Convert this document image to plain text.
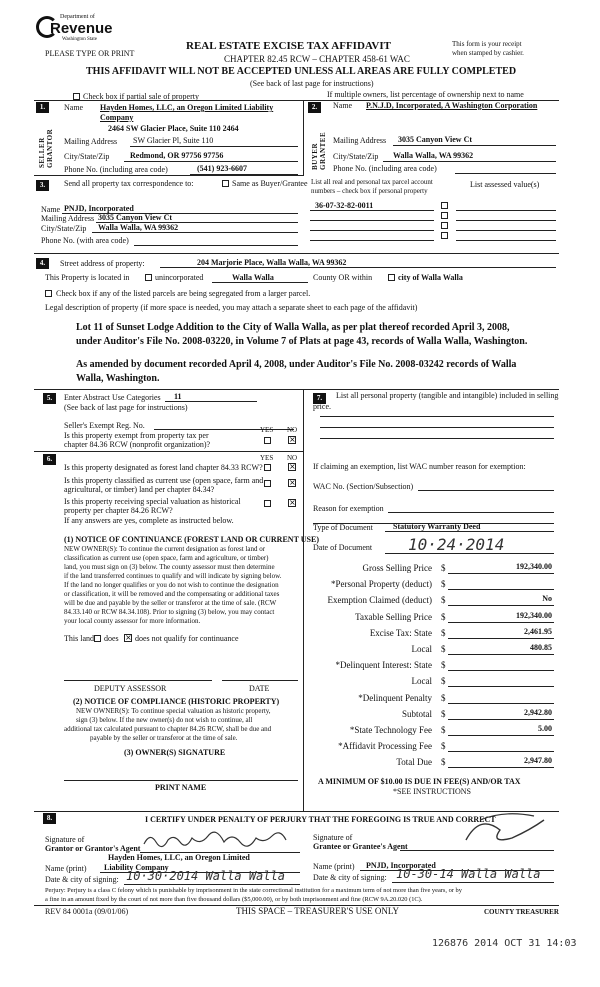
Department of
Revenue
Washington State
PLEASE TYPE OR PRINT
REAL ESTATE EXCISE TAX AFFIDAVIT
CHAPTER 82.45 RCW – CHAPTER 458-61 WAC
This form is your receipt
when stamped by cashier.
THIS AFFIDAVIT WILL NOT BE ACCEPTED UNLESS ALL AREAS ARE FULLY COMPLETED
(See back of last page for instructions)
Check box if partial sale of property	If multiple owners, list percentage of ownership next to name
1.	Name Hayden Homes, LLC, an Oregon Limited Liability
Company
SELLER GRANTOR
2464 SW Glacier Place, Suite 110 2464
Mailing Address SW Glacier Pl, Suite 110
City/State/Zip	Redmond, OR 97756 97756
Phone No. (including area code)	(541) 923-6607
2.	Name P.N.J.D, Incorporated, A Washington Corporation
BUYER GRANTEE Mailing Address 3035 Canyon View Ct
City/State/Zip Walla Walla, WA 99362
Phone No. (including area code)
3.	Send all property tax correspondence to:	Same as Buyer/Grantee
Name PNJD, Incorporated
Mailing Address 3035 Canyon View Ct
City/State/Zip Walla Walla, WA 99362
Phone No. (with area code)
List all real and personal tax parcel account
numbers – check box if personal property
List assessed value(s)
36-07-32-82-0011
4.	Street address of property:	204 Marjorie Place, Walla Walla, WA 99362
This Property is located in	unincorporated	Walla Walla	County OR within	city of Walla Walla
Check box if any of the listed parcels are being segregated from a larger parcel.
Legal description of property (if more space is needed, you may attach a separate sheet to each page of the affidavit)
Lot 11 of Sunset Lodge Addition to the City of Walla Walla, as per plat thereof recorded April 3, 2008,
under Auditor's File No. 2008-03220, in Volume 7 of Plats at page 43, records of Walla Walla, Washington.
As amended by document recorded April 4, 2008, under Auditor's File No. 2008-03242 records of Walla
Walla, Washington.
5.	Enter Abstract Use Categories 11
(See back of last page for instructions)
Seller's Exempt Reg. No.
Is this property exempt from property tax per
chapter 84.36 RCW (nonprofit organization)?
YES NO
×
7.	List all personal property (tangible and intangible) included in selling
price.
6.	YES NO
Is this property designated as forest land chapter 84.33 RCW?	×
Is this property classified as current use (open space, farm and
agricultural, or timber) land per chapter 84.34?
×
Is this property receiving special valuation as historical
property per chapter 84.26 RCW?
×
If any answers are yes, complete as instructed below.
(1) NOTICE OF CONTINUANCE (FOREST LAND OR CURRENT USE)
NEW OWNER(S): To continue the current designation as forest land or
classification as current use (open space, farm and agriculture, or timber)
land, you must sign on (3) below. The county assessor must then determine
if the land transferred continues to qualify and will indicate by signing below.
If the land no longer qualifies or you do not wish to continue the designation
or classification, it will be removed and the compensating or additional taxes
will be due and payable by the seller or transferor at the time of sale. (RCW
84.33.140 or RCW 84.34.108). Prior to signing (3) below, you may contact
your local county assessor for more information.
This land does × does not qualify for continuance
DEPUTY ASSESSOR	DATE
(2) NOTICE OF COMPLIANCE (HISTORIC PROPERTY)
NEW OWNER(S): To continue special valuation as historic property,
sign (3) below. If the new owner(s) do not wish to continue, all
additional tax calculated pursuant to chapter 84.26 RCW, shall be due and
payable by the seller or transferor at the time of sale.
(3) OWNER(S) SIGNATURE
PRINT NAME
If claiming an exemption, list WAC number reason for exemption:
WAC No. (Section/Subsection)
Reason for exemption
Type of Document	Statutory Warranty Deed
Date of Document 10·24·2014
Gross Selling Price $	192,340.00
*Personal Property (deduct) $
Exemption Claimed (deduct) $	No
Taxable Selling Price $	192,340.00
Excise Tax: State $	2,461.95
Local $	480.85
*Delinquent Interest: State $
Local $
*Delinquent Penalty $
Subtotal $	2,942.80
*State Technology Fee $	5.00
*Affidavit Processing Fee $
Total Due $	2,947.80
A MINIMUM OF $10.00 IS DUE IN FEE(S) AND/OR TAX
*SEE INSTRUCTIONS
8.	I CERTIFY UNDER PENALTY OF PERJURY THAT THE FOREGOING IS TRUE AND CORRECT
Signature of
Grantor or Grantor's Agent
Hayden Homes, LLC, an Oregon Limited
Name (print) Liability Company
Date & city of signing: 10·30·2014 Walla Walla
Signature of
Grantee or Grantee's Agent
Name (print) PNJD, Incorporated
Date & city of signing: 10-30-14 Walla Walla
Perjury: Perjury is a class C felony which is punishable by imprisonment in the state correctional institution for a maximum term of not more than five years, or by
a fine in an amount fixed by the court of not more than five thousand dollars ($5,000.00), or by both imprisonment and fine (RCW 9A.20.020 (1C).
REV 84 0001a (09/01/06)	THIS SPACE – TREASURER'S USE ONLY	COUNTY TREASURER
126876 2014 OCT 31 14:03
